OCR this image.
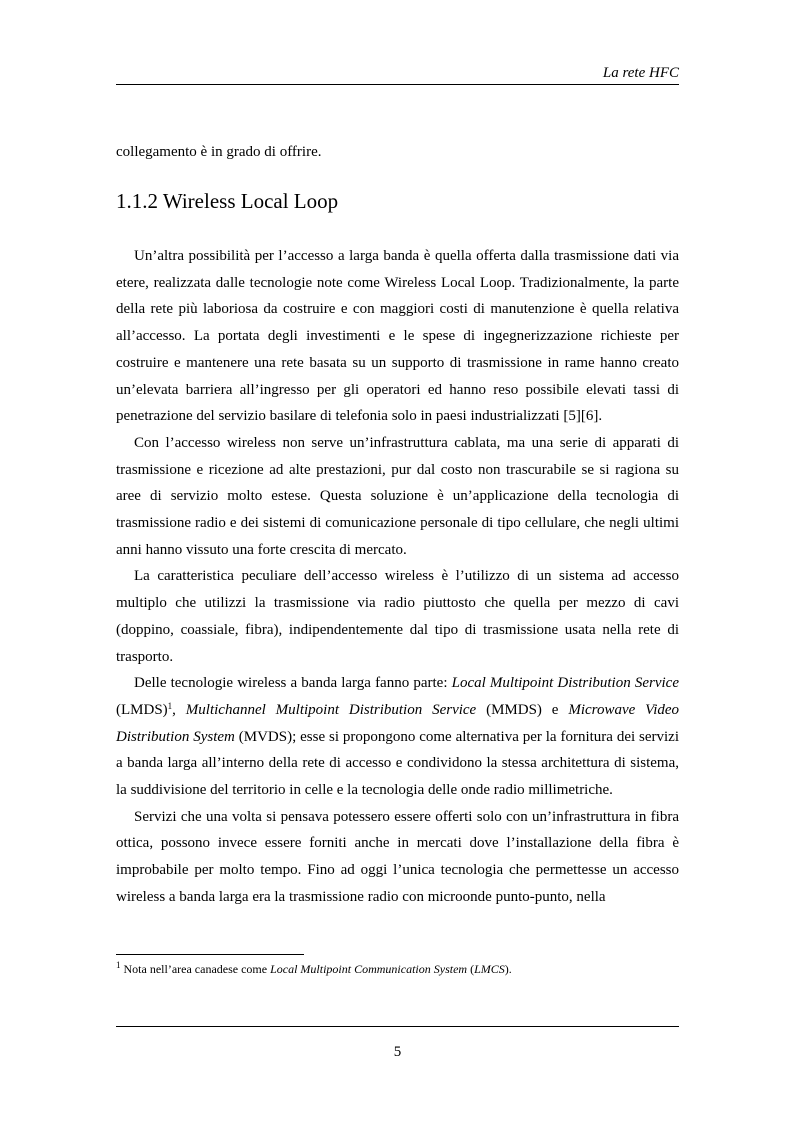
La rete HFC

collegamento è in grado di offrire.

1.1.2 Wireless Local Loop

Un’altra possibilità per l’accesso a larga banda è quella offerta dalla trasmissione dati via etere, realizzata dalle tecnologie note come Wireless Local Loop. Tradizionalmente, la parte della rete più laboriosa da costruire e con maggiori costi di manutenzione è quella relativa all’accesso. La portata degli investimenti e le spese di ingegnerizzazione richieste per costruire e mantenere una rete basata su un supporto di trasmissione in rame hanno creato un’elevata barriera all’ingresso per gli operatori ed hanno reso possibile elevati tassi di penetrazione del servizio basilare di telefonia solo in paesi industrializzati [5][6].

Con l’accesso wireless non serve un’infrastruttura cablata, ma una serie di apparati di trasmissione e ricezione ad alte prestazioni, pur dal costo non trascurabile se si ragiona su aree di servizio molto estese. Questa soluzione è un’applicazione della tecnologia di trasmissione radio e dei sistemi di comunicazione personale di tipo cellulare, che negli ultimi anni hanno vissuto una forte crescita di mercato.

La caratteristica peculiare dell’accesso wireless è l’utilizzo di un sistema ad accesso multiplo che utilizzi la trasmissione via radio piuttosto che quella per mezzo di cavi (doppino, coassiale, fibra), indipendentemente dal tipo di trasmissione usata nella rete di trasporto.

Delle tecnologie wireless a banda larga fanno parte: Local Multipoint Distribution Service (LMDS)$^1$, Multichannel Multipoint Distribution Service (MMDS) e Microwave Video Distribution System (MVDS); esse si propongono come alternativa per la fornitura dei servizi a banda larga all’interno della rete di accesso e condividono la stessa architettura di sistema, la suddivisione del territorio in celle e la tecnologia delle onde radio millimetriche.

Servizi che una volta si pensava potessero essere offerti solo con un’infrastruttura in fibra ottica, possono invece essere forniti anche in mercati dove l’installazione della fibra è improbabile per molto tempo. Fino ad oggi l’unica tecnologia che permettesse un accesso wireless a banda larga era la trasmissione radio con microonde punto-punto, nella

$^1$ Nota nell’area canadese come Local Multipoint Communication System (LMCS).
5
